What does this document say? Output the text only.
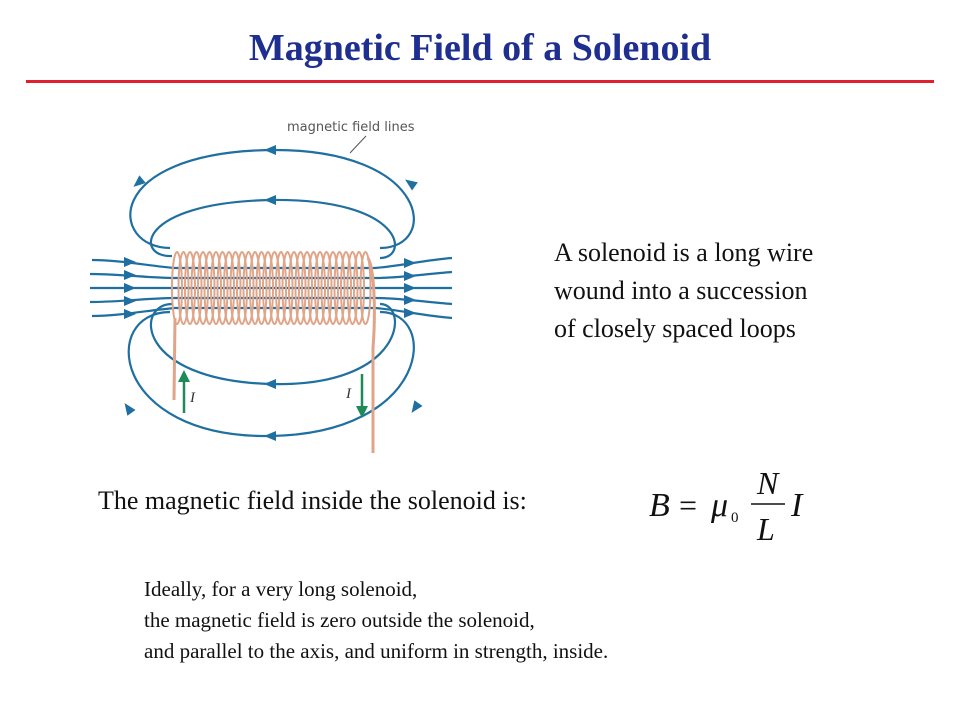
Magnetic Field of a Solenoid
I	I
magnetic field lines
A solenoid is a long wire
wound into a succession
of closely spaced loops
The magnetic field inside the solenoid is:	B = μ 0
N
L
I
Ideally, for a very long solenoid,
the magnetic field is zero outside the solenoid,
and parallel to the axis, and uniform in strength, inside.
